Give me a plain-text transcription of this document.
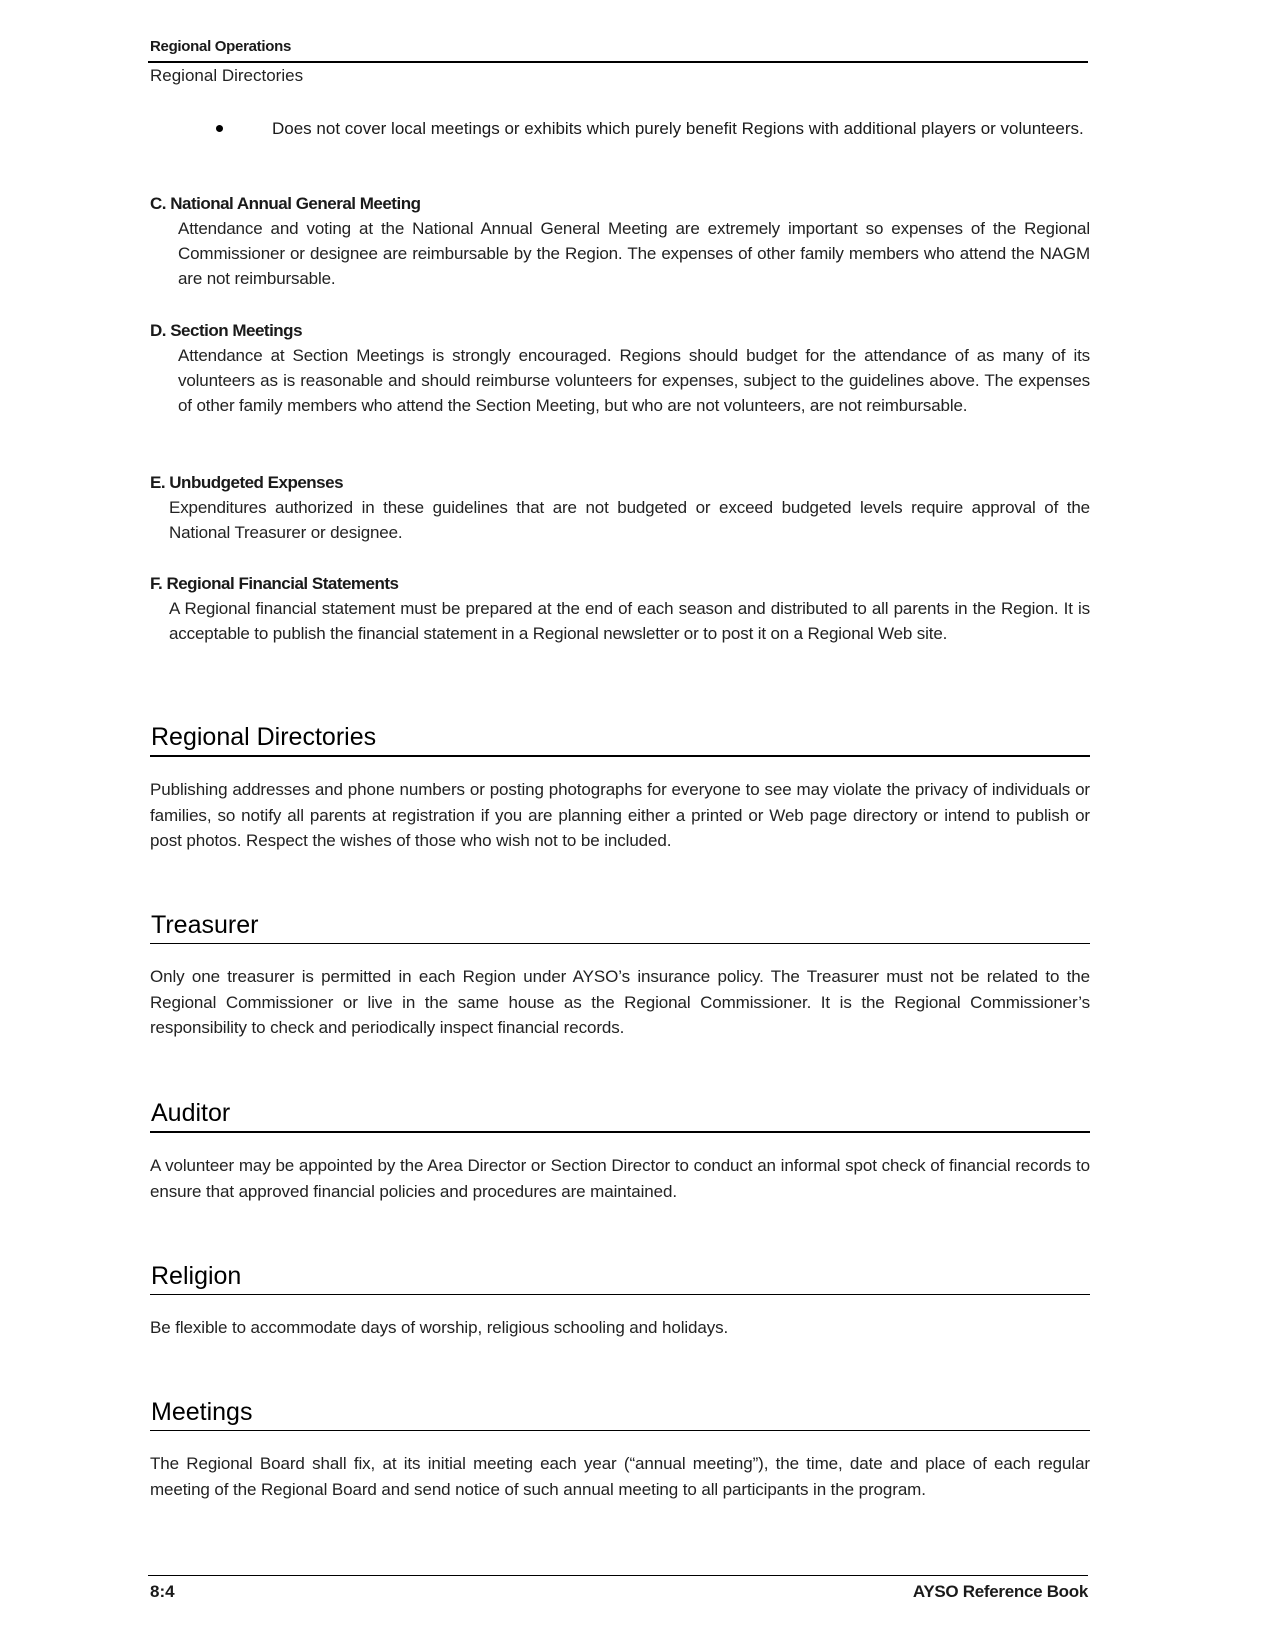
Regional Operations
Regional Directories
Does not cover local meetings or exhibits which purely benefit Regions with additional players or volunteers.
C. National Annual General Meeting
Attendance and voting at the National Annual General Meeting are extremely important so expenses of the Regional Commissioner or designee are reimbursable by the Region. The expenses of other family members who attend the NAGM are not reimbursable.
D. Section Meetings
Attendance at Section Meetings is strongly encouraged. Regions should budget for the attendance of as many of its volunteers as is reasonable and should reimburse volunteers for expenses, subject to the guidelines above. The expenses of other family members who attend the Section Meeting, but who are not volunteers, are not reimbursable.
E. Unbudgeted Expenses
Expenditures authorized in these guidelines that are not budgeted or exceed budgeted levels require approval of the National Treasurer or designee.
F. Regional Financial Statements
A Regional financial statement must be prepared at the end of each season and distributed to all parents in the Region. It is acceptable to publish the financial statement in a Regional newsletter or to post it on a Regional Web site.
Regional Directories
Publishing addresses and phone numbers or posting photographs for everyone to see may violate the privacy of individuals or families, so notify all parents at registration if you are planning either a printed or Web page directory or intend to publish or post photos. Respect the wishes of those who wish not to be included.
Treasurer
Only one treasurer is permitted in each Region under AYSO’s insurance policy. The Treasurer must not be related to the Regional Commissioner or live in the same house as the Regional Commissioner. It is the Regional Commissioner’s responsibility to check and periodically inspect financial records.
Auditor
A volunteer may be appointed by the Area Director or Section Director to conduct an informal spot check of financial records to ensure that approved financial policies and procedures are maintained.
Religion
Be flexible to accommodate days of worship, religious schooling and holidays.
Meetings
The Regional Board shall fix, at its initial meeting each year (“annual meeting”), the time, date and place of each regular meeting of the Regional Board and send notice of such annual meeting to all participants in the program.
8:4	AYSO Reference Book
